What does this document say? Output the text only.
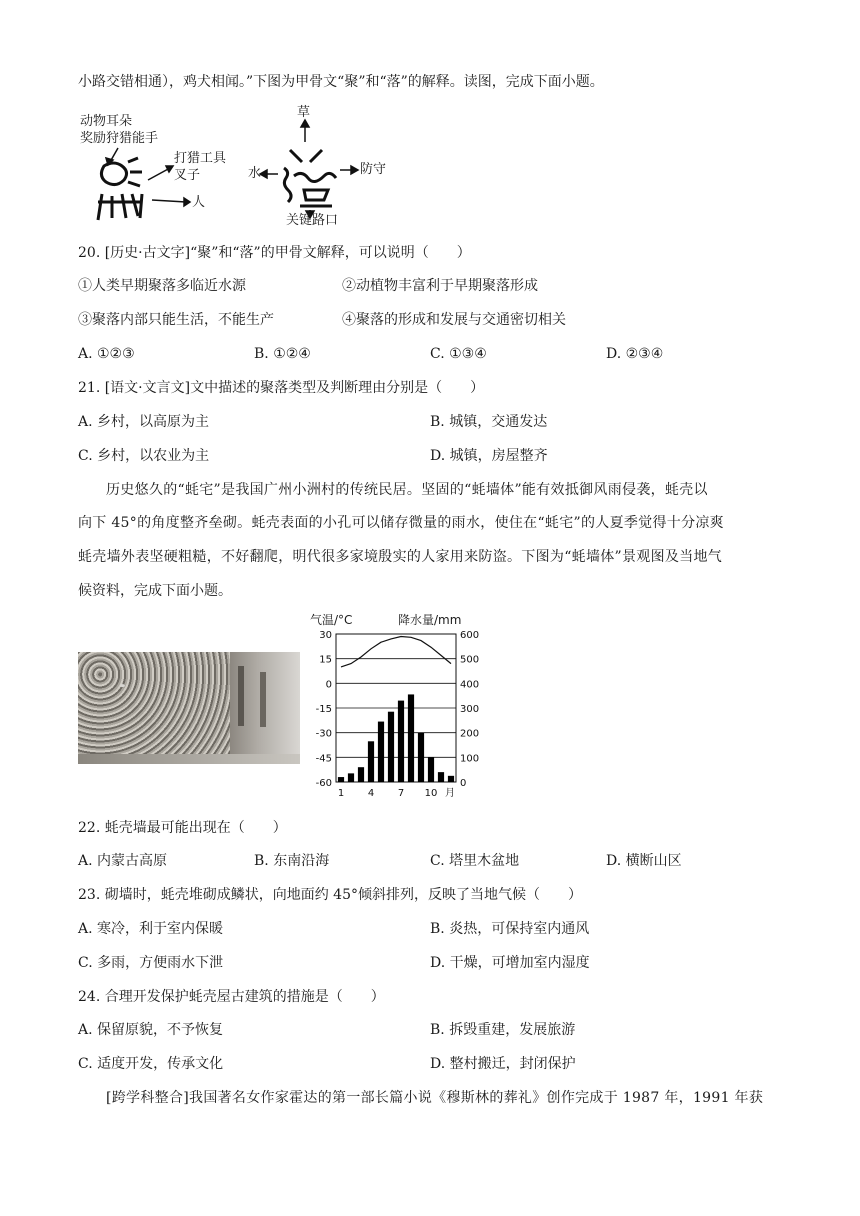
小路交错相通），鸡犬相闻。”下图为甲骨文“聚”和“落”的解释。读图，完成下面小题。
动物耳朵
奖励狩猎能手
打猎工具
叉子
人
草
水	防守
关键路口
20. [历史·古文字]“聚”和“落”的甲骨文解释，可以说明（　　）
①人类早期聚落多临近水源	②动植物丰富利于早期聚落形成
③聚落内部只能生活，不能生产	④聚落的形成和发展与交通密切相关
A. ①②③	B. ①②④	C. ①③④	D. ②③④
21. [语文·文言文]文中描述的聚落类型及判断理由分别是（　　）
A. 乡村，以高原为主	B. 城镇，交通发达
C. 乡村，以农业为主	D. 城镇，房屋整齐
历史悠久的“蚝宅”是我国广州小洲村的传统民居。坚固的“蚝墙体”能有效抵御风雨侵袭，蚝壳以
向下 45°的角度整齐垒砌。蚝壳表面的小孔可以储存微量的雨水，使住在“蚝宅”的人夏季觉得十分凉爽
蚝壳墙外表坚硬粗糙，不好翻爬，明代很多家境殷实的人家用来防盗。下图为“蚝墙体”景观图及当地气
候资料，完成下面小题。
气温/°C	降水量/mm
30	600
15	500
0	400
-15	300
-30	200
-45	100
-60	0
1 4 7 10 月
22. 蚝壳墙最可能出现在（　　）
A. 内蒙古高原	B. 东南沿海	C. 塔里木盆地	D. 横断山区
23. 砌墙时，蚝壳堆砌成鳞状，向地面约 45°倾斜排列，反映了当地气候（　　）
A. 寒冷，利于室内保暖	B. 炎热，可保持室内通风
C. 多雨，方便雨水下泄	D. 干燥，可增加室内湿度
24. 合理开发保护蚝壳屋古建筑的措施是（　　）
A. 保留原貌，不予恢复	B. 拆毁重建，发展旅游
C. 适度开发，传承文化	D. 整村搬迁，封闭保护
[跨学科整合]我国著名女作家霍达的第一部长篇小说《穆斯林的葬礼》创作完成于 1987 年，1991 年获
